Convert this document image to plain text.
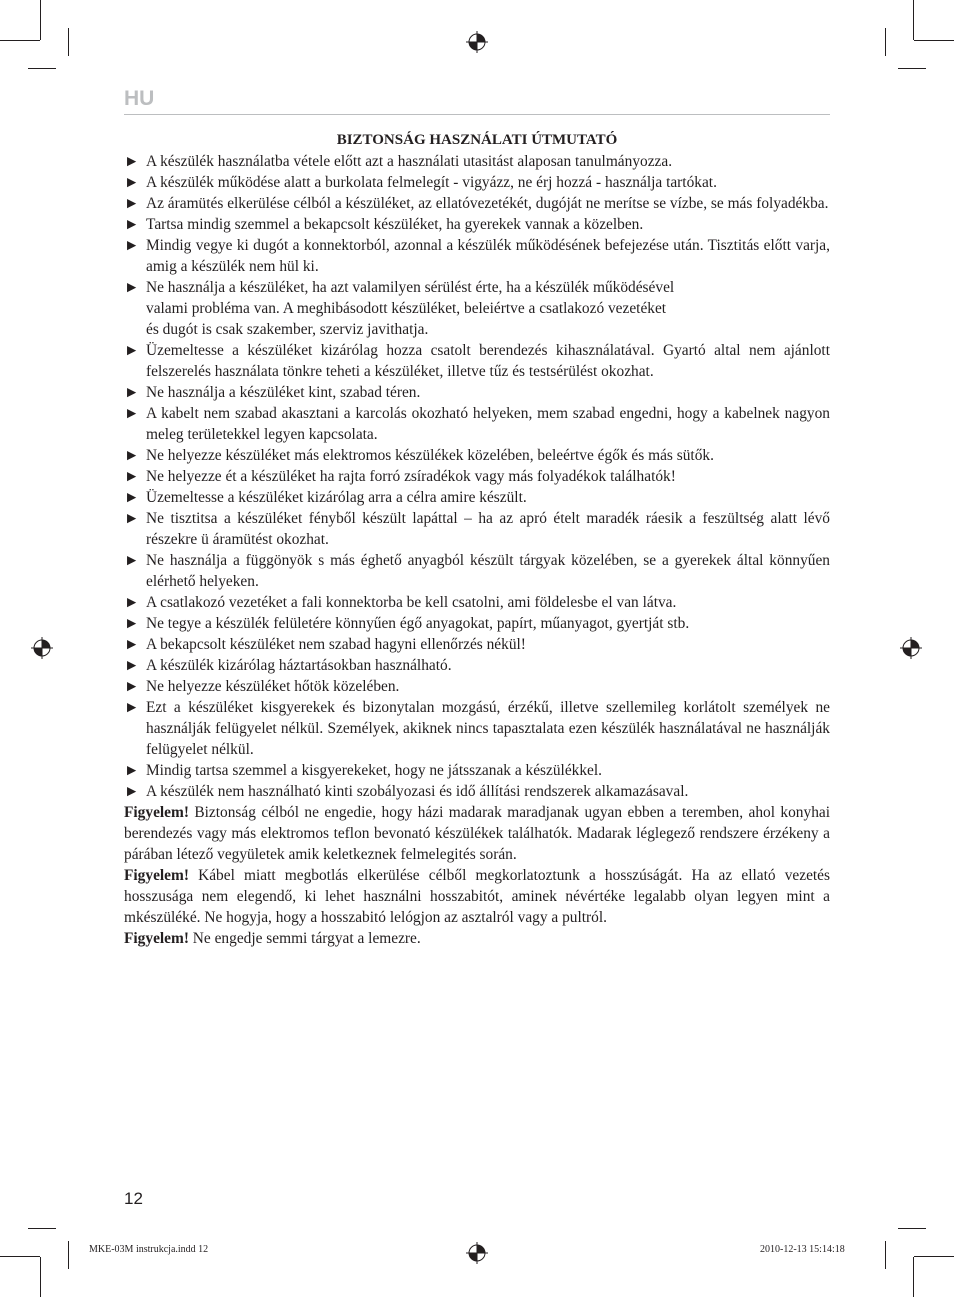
HU
BIZTONSÁG HASZNÁLATI ÚTMUTATÓ
► A készülék használatba vétele előtt azt a használati utasitást alaposan tanulmányozza.
► A készülék működése alatt a burkolata felmelegít - vigyázz, ne érj hozzá - használja tartókat.
► Az áramütés elkerülése célból a készüléket, az ellatóvezetékét, dugóját ne merítse se vízbe, se más folyadékba.
► Tartsa mindig szemmel a bekapcsolt készüléket, ha gyerekek vannak a közelben.
► Mindig vegye ki dugót a konnektorból, azonnal a készülék működésének befejezése után. Tisztitás előtt varja, amig a készülék nem hül ki.
► Ne használja a készüléket, ha azt valamilyen sérülést érte, ha a készülék működésével
valami probléma van. A meghibásodott készüléket, beleiértve a csatlakozó vezetéket
és dugót is csak szakember, szerviz javithatja.
► Üzemeltesse a készüléket kizárólag hozza csatolt berendezés kihasználatával. Gyartó altal nem ajánlott felszerelés használata tönkre teheti a készüléket, illetve tűz és testsérülést okozhat.
► Ne használja a készüléket kint, szabad téren.
► A kabelt nem szabad akasztani a karcolás okozható helyeken, mem szabad engedni, hogy a kabelnek nagyon meleg területekkel legyen kapcsolata.
► Ne helyezze készüléket más elektromos készülékek közelében, beleértve égők és más sütők.
► Ne helyezze ét a készüléket ha rajta forró zsíradékok vagy más folyadékok találhatók!
► Üzemeltesse a készüléket kizárólag arra a célra amire készült.
► Ne tisztitsa a készüléket fényből készült lapáttal – ha az apró ételt maradék ráesik a feszültség alatt lévő részekre ü áramütést okozhat.
► Ne használja a függönyök s más éghető anyagból készült tárgyak közelében, se a gyerekek által könnyűen elérhető helyeken.
► A csatlakozó vezetéket a fali konnektorba be kell csatolni, ami földelesbe el van látva.
► Ne tegye a készülék felületére könnyűen égő anyagokat, papírt, műanyagot, gyertját stb.
► A bekapcsolt készüléket nem szabad hagyni ellenőrzés nékül!
► A készülék kizárólag háztartásokban használható.
► Ne helyezze készüléket hőtök közelében.
► Ezt a készüléket kisgyerekek és bizonytalan mozgású, érzékű, illetve szellemileg korlátolt személyek ne használják felügyelet nélkül. Személyek, akiknek nincs tapasztalata ezen készülék használatával ne használják felügyelet nélkül.
► Mindig tartsa szemmel a kisgyerekeket, hogy ne játsszanak a készülékkel.
► A készülék nem használható kinti szobályozasi és idő állítási rendszerek alkamazásaval.

Figyelem! Biztonság célból ne engedie, hogy házi madarak maradjanak ugyan ebben a teremben, ahol konyhai berendezés vagy más elektromos teflon bevonató készülékek találhatók. Madarak léglegező rendszere érzékeny a párában létező vegyületek amik keletkeznek felmelegités során.

Figyelem! Kábel miatt megbotlás elkerülése célből megkorlatoztunk a hosszúságát. Ha az ellató vezetés hosszusága nem elegendő, ki lehet használni hosszabitót, aminek névértéke legalabb olyan legyen mint a mkészüléké. Ne hogyja, hogy a hosszabitó lelógjon az asztalról vagy a pultról.

Figyelem! Ne engedje semmi tárgyat a lemezre.

12
MKE-03M instrukcja.indd 12	2010-12-13 15:14:18
